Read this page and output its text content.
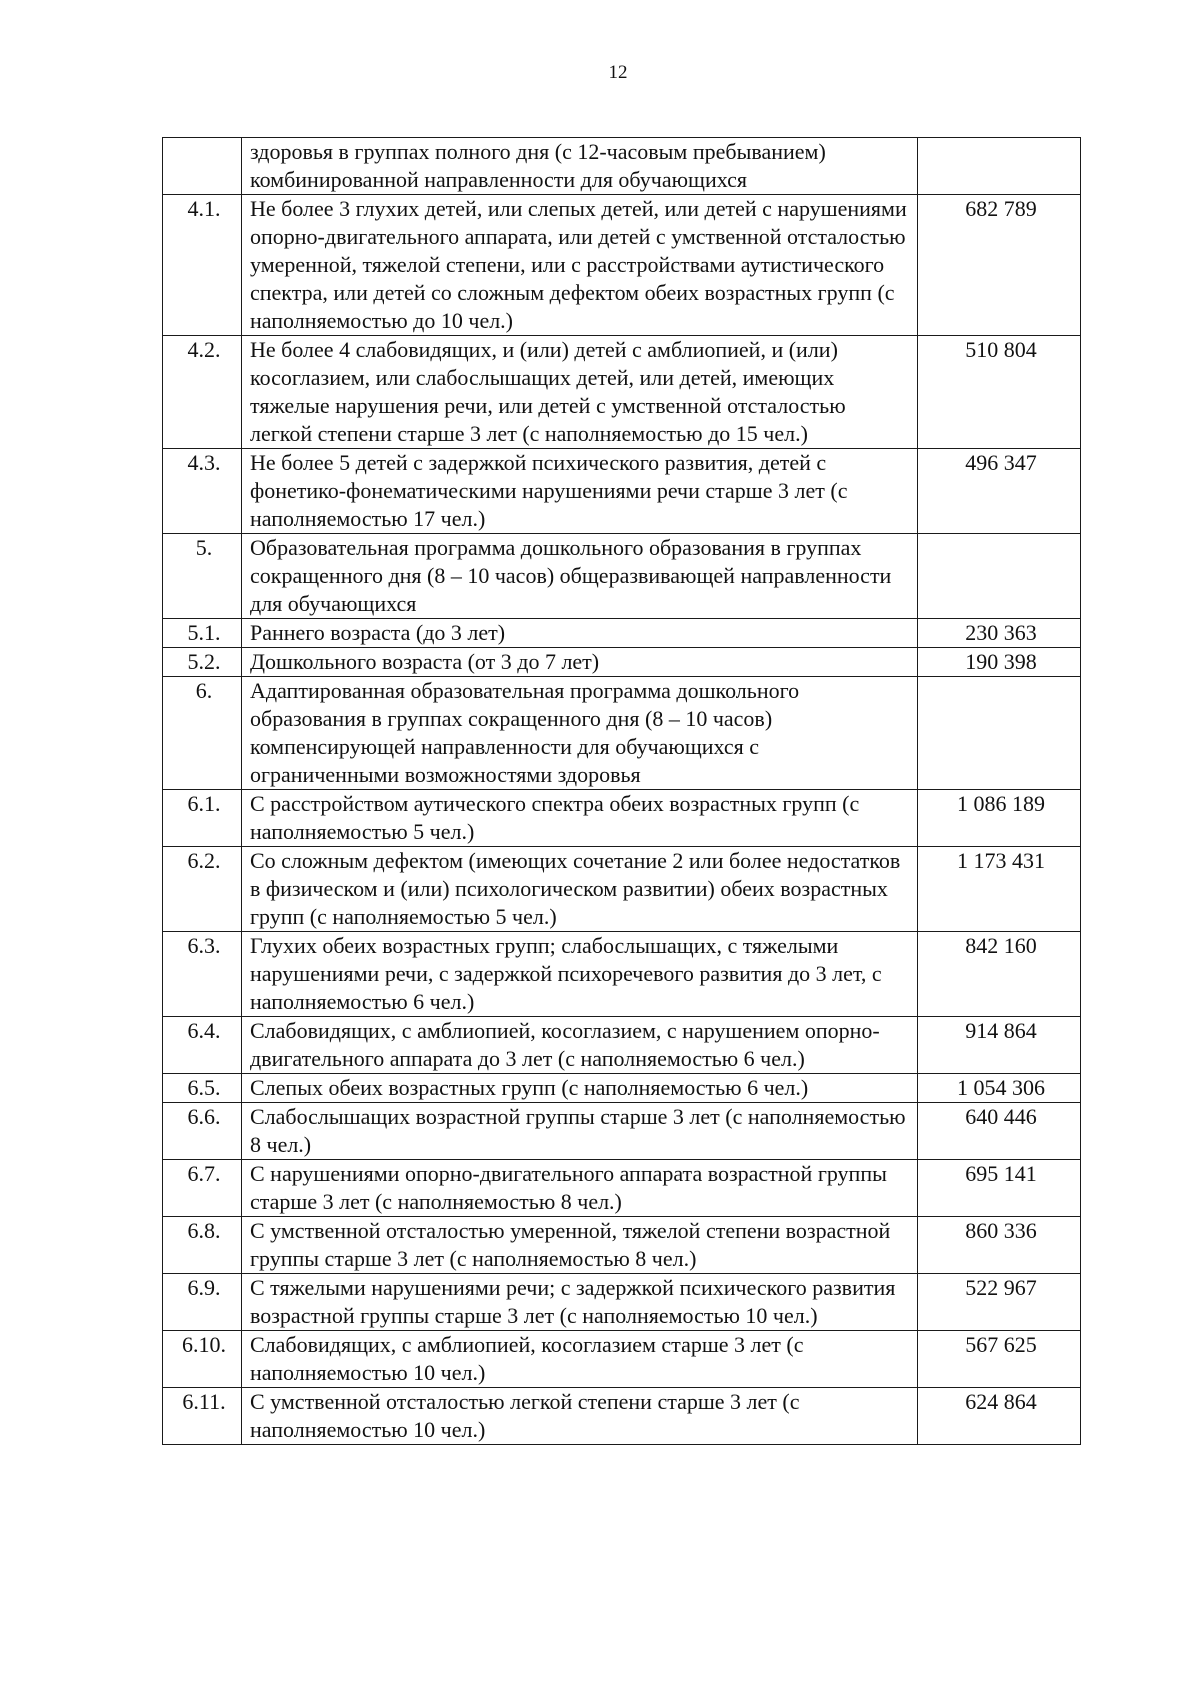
12
	здоровья в группах полного дня (с 12-часовым пребыванием) комбинированной направленности для обучающихся	
4.1.	Не более 3 глухих детей, или слепых детей, или детей с нарушениями опорно-двигательного аппарата, или детей с умственной отсталостью умеренной, тяжелой степени, или с расстройствами аутистического спектра, или детей со сложным дефектом обеих возрастных групп (с наполняемостью до 10 чел.)	682 789
4.2.	Не более 4 слабовидящих, и (или) детей с амблиопией, и (или) косоглазием, или слабослышащих детей, или детей, имеющих тяжелые нарушения речи, или детей с умственной отсталостью легкой степени старше 3 лет (с наполняемостью до 15 чел.)	510 804
4.3.	Не более 5 детей с задержкой психического развития, детей с фонетико-фонематическими нарушениями речи старше 3 лет (с наполняемостью 17 чел.)	496 347
5.	Образовательная программа дошкольного образования в группах сокращенного дня (8 – 10 часов) общеразвивающей направленности для обучающихся	
5.1.	Раннего возраста (до 3 лет)	230 363
5.2.	Дошкольного возраста (от 3 до 7 лет)	190 398
6.	Адаптированная образовательная программа дошкольного образования в группах сокращенного дня (8 – 10 часов) компенсирующей направленности для обучающихся с ограниченными возможностями здоровья	
6.1.	С расстройством аутического спектра обеих возрастных групп (с наполняемостью 5 чел.)	1 086 189
6.2.	Со сложным дефектом (имеющих сочетание 2 или более недостатков в физическом и (или) психологическом развитии) обеих возрастных групп (с наполняемостью 5 чел.)	1 173 431
6.3.	Глухих обеих возрастных групп; слабослышащих, с тяжелыми нарушениями речи, с задержкой психоречевого развития до 3 лет, с наполняемостью 6 чел.)	842 160
6.4.	Слабовидящих, с амблиопией, косоглазием, с нарушением опорно-двигательного аппарата до 3 лет (с наполняемостью 6 чел.)	914 864
6.5.	Слепых обеих возрастных групп (с наполняемостью 6 чел.)	1 054 306
6.6.	Слабослышащих возрастной группы старше 3 лет (с наполняемостью 8 чел.)	640 446
6.7.	С нарушениями опорно-двигательного аппарата возрастной группы старше 3 лет (с наполняемостью 8 чел.)	695 141
6.8.	С умственной отсталостью умеренной, тяжелой степени возрастной группы старше 3 лет (с наполняемостью 8 чел.)	860 336
6.9.	С тяжелыми нарушениями речи; с задержкой психического развития возрастной группы старше 3 лет (с наполняемостью 10 чел.)	522 967
6.10.	Слабовидящих, с амблиопией, косоглазием старше 3 лет (с наполняемостью 10 чел.)	567 625
6.11.	С умственной отсталостью легкой степени старше 3 лет (с наполняемостью 10 чел.)	624 864
